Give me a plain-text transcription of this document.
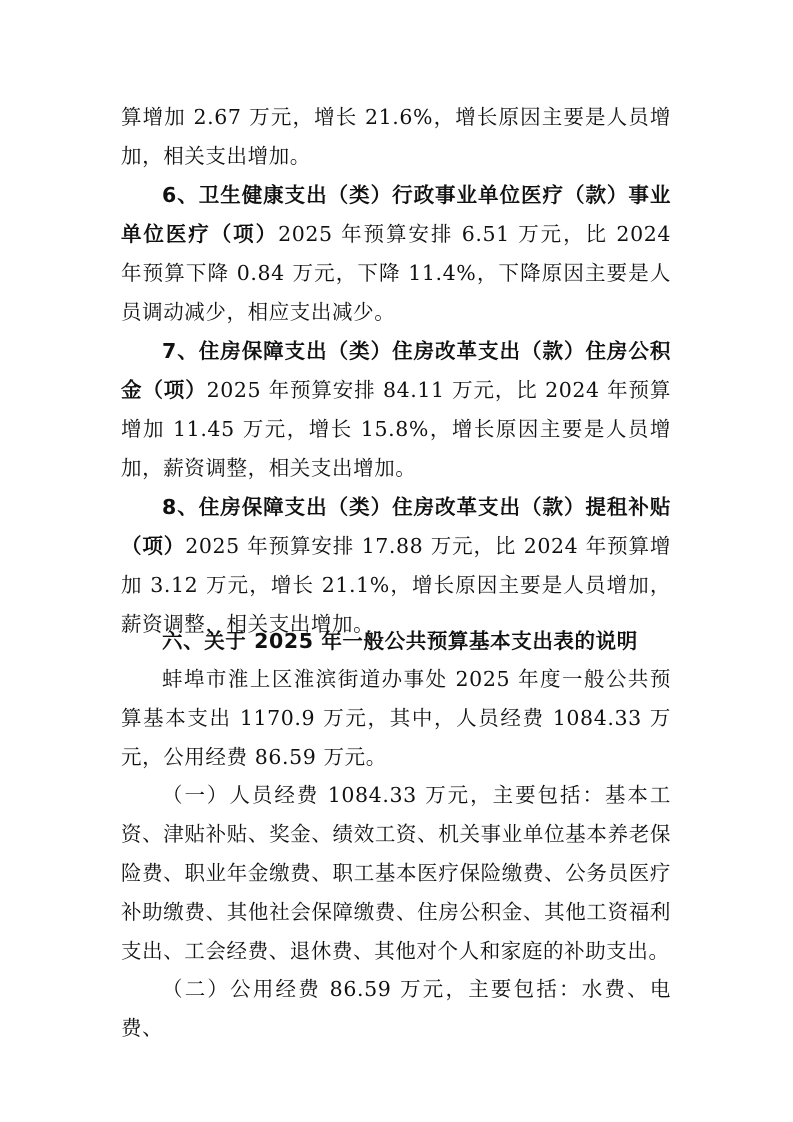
算增加 2.67 万元，增长 21.6%，增长原因主要是人员增加，相关支出增加。

6、卫生健康支出（类）行政事业单位医疗（款）事业单位医疗（项）2025 年预算安排 6.51 万元，比 2024 年预算下降 0.84 万元，下降 11.4%，下降原因主要是人员调动减少，相应支出减少。

7、住房保障支出（类）住房改革支出（款）住房公积金（项）2025 年预算安排 84.11 万元，比 2024 年预算增加 11.45 万元，增长 15.8%，增长原因主要是人员增加，薪资调整，相关支出增加。

8、住房保障支出（类）住房改革支出（款）提租补贴（项）2025 年预算安排 17.88 万元，比 2024 年预算增加 3.12 万元，增长 21.1%，增长原因主要是人员增加，薪资调整，相关支出增加。

六、关于 2025 年一般公共预算基本支出表的说明

蚌埠市淮上区淮滨街道办事处 2025 年度一般公共预算基本支出 1170.9 万元，其中，人员经费 1084.33 万元，公用经费 86.59 万元。

（一）人员经费 1084.33 万元，主要包括：基本工资、津贴补贴、奖金、绩效工资、机关事业单位基本养老保险费、职业年金缴费、职工基本医疗保险缴费、公务员医疗补助缴费、其他社会保障缴费、住房公积金、其他工资福利支出、工会经费、退休费、其他对个人和家庭的补助支出。

（二）公用经费 86.59 万元，主要包括：水费、电费、
